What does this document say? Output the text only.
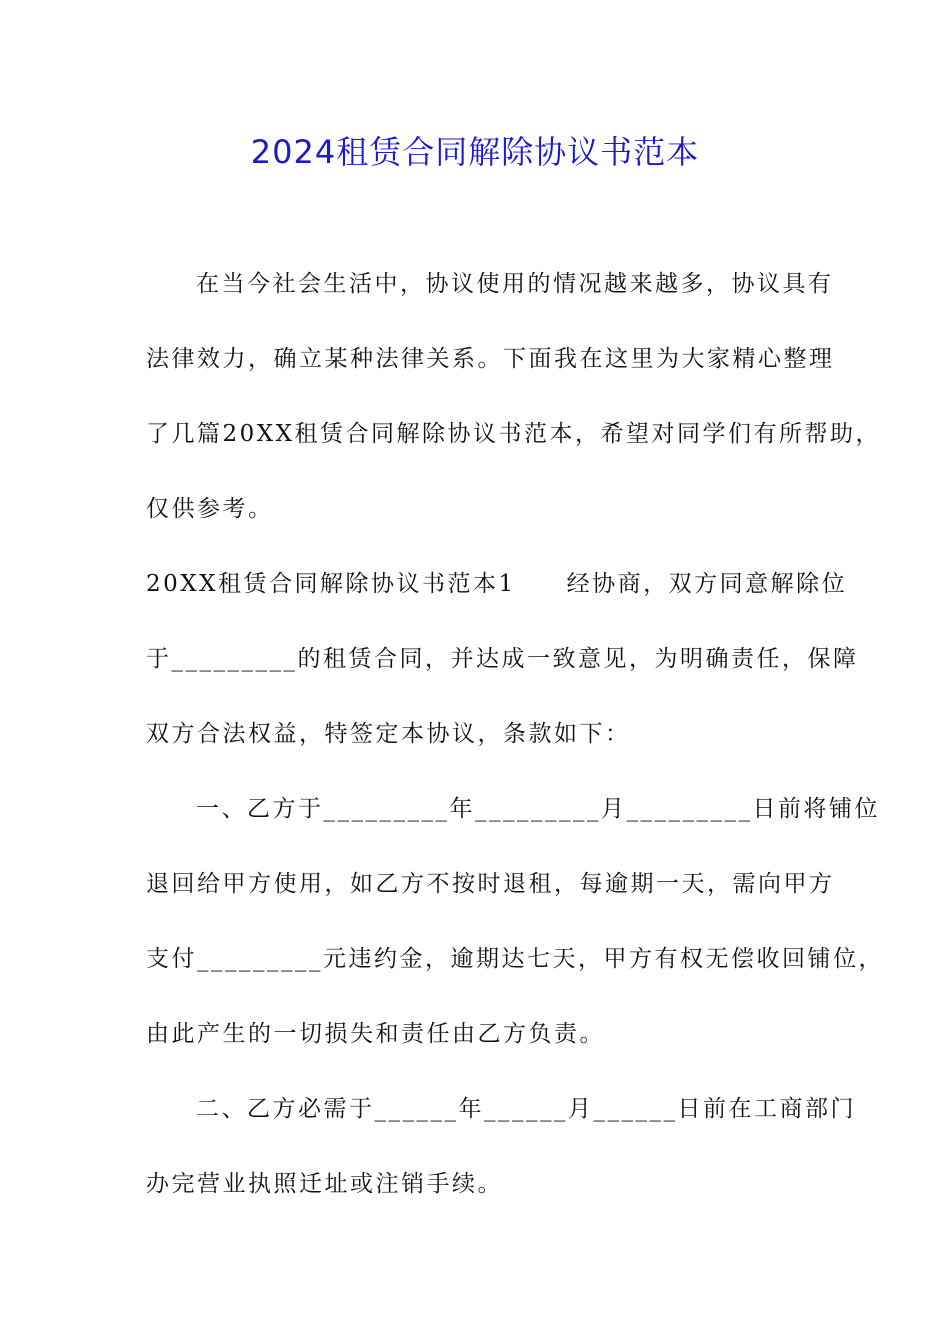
2024租赁合同解除协议书范本
在当今社会生活中，协议使用的情况越来越多，协议具有
法律效力，确立某种法律关系。下面我在这里为大家精心整理
了几篇20XX租赁合同解除协议书范本，希望对同学们有所帮助，
仅供参考。
20XX租赁合同解除协议书范本1　　经协商，双方同意解除位
于_________的租赁合同，并达成一致意见，为明确责任，保障
双方合法权益，特签定本协议，条款如下：
一、乙方于_________年_________月_________日前将铺位
退回给甲方使用，如乙方不按时退租，每逾期一天，需向甲方
支付_________元违约金，逾期达七天，甲方有权无偿收回铺位，
由此产生的一切损失和责任由乙方负责。
二、乙方必需于______年______月______日前在工商部门
办完营业执照迁址或注销手续。
